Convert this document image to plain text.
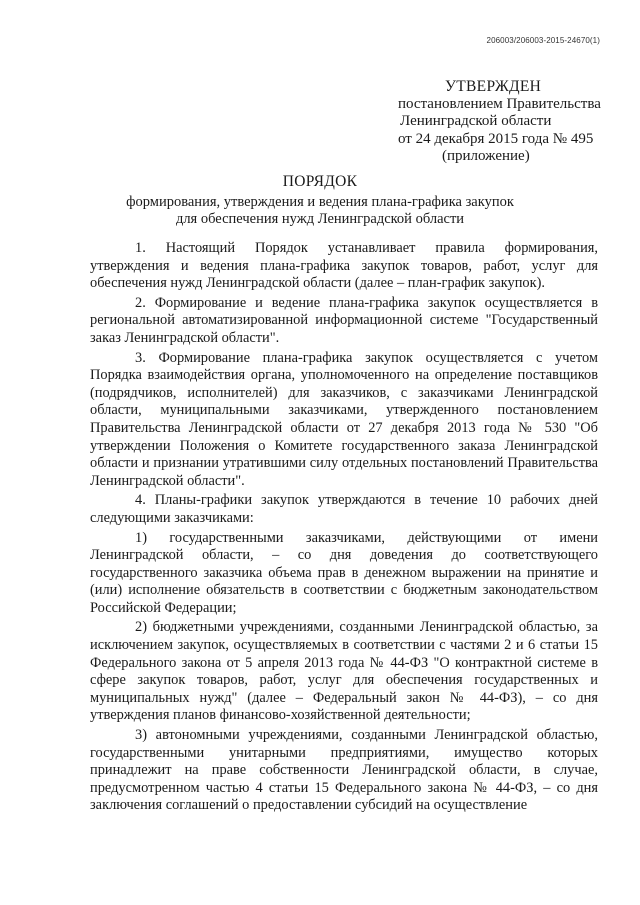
206003/206003-2015-24670(1)
УТВЕРЖДЕН
постановлением Правительства
Ленинградской области
от 24 декабря 2015 года № 495
(приложение)
ПОРЯДОК
формирования, утверждения и ведения плана-графика закупок
для обеспечения нужд Ленинградской области

1. Настоящий Порядок устанавливает правила формирования, утверждения и ведения плана-графика закупок товаров, работ, услуг для обеспечения нужд Ленинградской области (далее – план-график закупок).

2. Формирование и ведение плана-графика закупок осуществляется в региональной автоматизированной информационной системе "Государственный заказ Ленинградской области".

3. Формирование плана-графика закупок осуществляется с учетом Порядка взаимодействия органа, уполномоченного на определение поставщиков (подрядчиков, исполнителей) для заказчиков, с заказчиками Ленинградской области, муниципальными заказчиками, утвержденного постановлением Правительства Ленинградской области от 27 декабря 2013 года № 530 "Об утверждении Положения о Комитете государственного заказа Ленинградской области и признании утратившими силу отдельных постановлений Правительства Ленинградской области".

4. Планы-графики закупок утверждаются в течение 10 рабочих дней следующими заказчиками:

1) государственными заказчиками, действующими от имени Ленинградской области, – со дня доведения до соответствующего государственного заказчика объема прав в денежном выражении на принятие и (или) исполнение обязательств в соответствии с бюджетным законодательством Российской Федерации;

2) бюджетными учреждениями, созданными Ленинградской областью, за исключением закупок, осуществляемых в соответствии с частями 2 и 6 статьи 15 Федерального закона от 5 апреля 2013 года № 44-ФЗ "О контрактной системе в сфере закупок товаров, работ, услуг для обеспечения государственных и муниципальных нужд" (далее – Федеральный закон № 44-ФЗ), – со дня утверждения планов финансово-хозяйственной деятельности;

3) автономными учреждениями, созданными Ленинградской областью, государственными унитарными предприятиями, имущество которых принадлежит на праве собственности Ленинградской области, в случае, предусмотренном частью 4 статьи 15 Федерального закона № 44-ФЗ, – со дня заключения соглашений о предоставлении субсидий на осуществление
